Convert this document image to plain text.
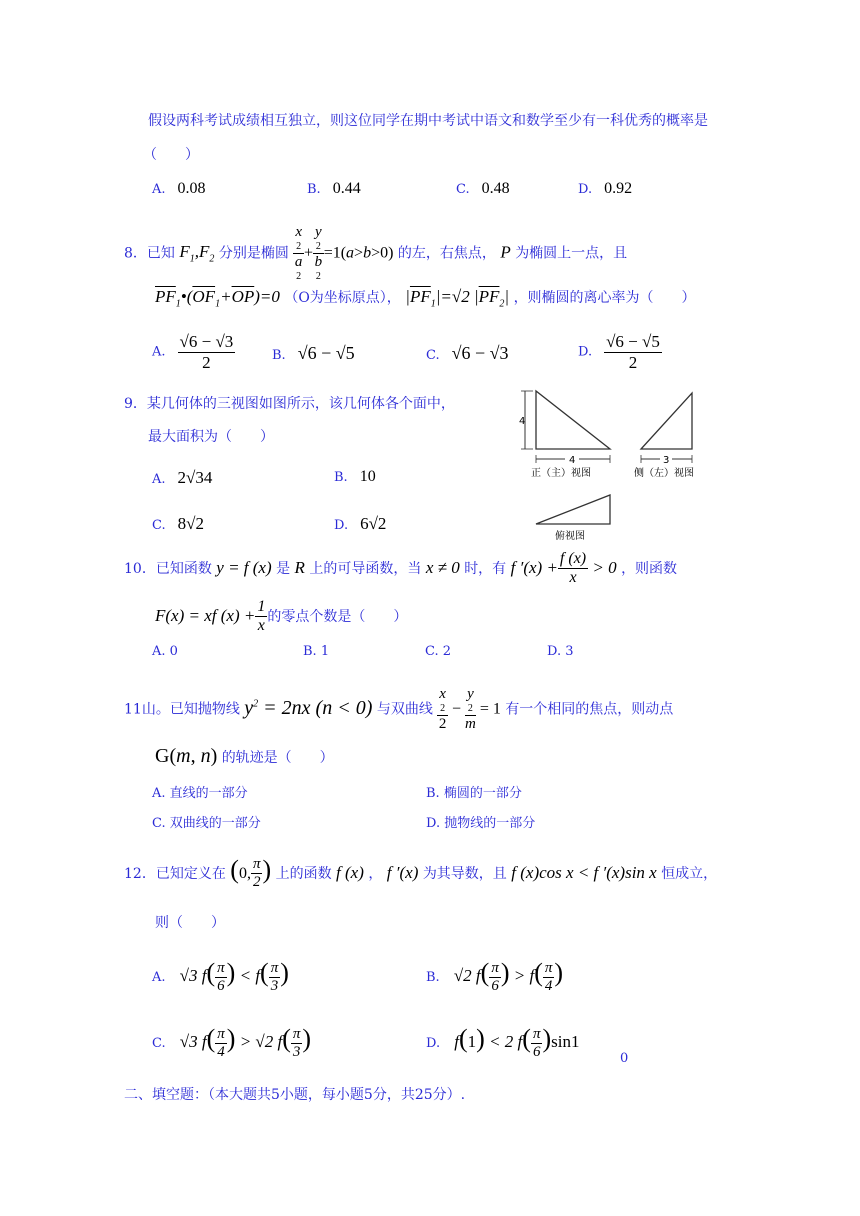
假设两科考试成绩相互独立，则这位同学在期中考试中语文和数学至少有一科优秀的概率是
（　　）
A. 0.08	B. 0.44	C. 0.48	D. 0.92
8．已知 $F_1,F_2$ 分别是椭圆 x
2
a
2 + y
2
b
2 =1(a>b>0) 的左，右焦点， P 为椭圆上一点，且
$\overline{PF}_1•(\overline{OF}_1+\overline{OP})=0$ （O为坐标原点）， $|\overline{PF}_1|=√2$ $|\overline{PF}_2|$ ，则椭圆的离心率为（　　）
A. $\frac{√6 - √3}{2}$	B. √6 − √5	C. √6 − √3	D. $\frac{√6 - √5}{2}$
9．某几何体的三视图如图所示，该几何体各个面中，
最大面积为（　　）
A. 2√34	B. 10
C. 8√2	D. 6√2
4
4
正（主）视图
3
侧（左）视图
俯视图
10．已知函数 y = f (x) 是 R 上的可导函数，当 x ≠ 0 时，有 f $'(x) + \frac{f (x)}{x} > 0$ ，则函数
F(x) = xf $(x) + \frac{1}{x}$ 的零点个数是（　　）
A. 0	B. 1	C. 2	D. 3
11山。已知抛物线 $y^2 = 2nx$ (n < 0) 与双曲线 x
2
2 − y
2
m = 1 有一个相同的焦点，则动点
G(m, n) 的轨迹是（　　）
A. 直线的一部分	B. 椭圆的一部分
C. 双曲线的一部分	D. 抛物线的一部分
12．已知定义在 (0, $\frac{\pi}{2}$ ) 上的函数 f (x) ， f ′(x) 为其导数，且 f (x)cos x < f ′(x)sin x 恒成立，
则（　　）
A. √3 $f( \frac{\pi}{6}$ ) < $f( \frac{\pi}{3}$ )	B. √2 $f( \frac{\pi}{6}$ ) > $f( \frac{\pi}{4}$ )
C. √3 $f( \frac{\pi}{4}$ ) > √2 $f( \frac{\pi}{3}$ )	D. f(1) < 2 $f( \frac{\pi}{6} )\sin 1$
0
二、填空题：（本大题共5小题，每小题5分，共25分）.
